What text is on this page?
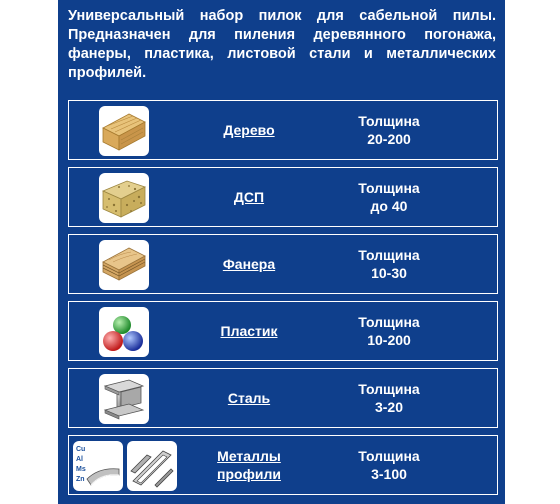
Универсальный набор пилок для сабельной пилы. Предназначен для пиления деревянного погонажа, фанеры, пластика, листовой стали и металлических профилей.

Дерево
Толщина
20-200
ДСП
Толщина
до 40
Фанера
Толщина
10-30
Пластик
Толщина
10-200
Сталь
Толщина
3-20
Cu
Al
Ms
Zn
Металлы
профили
Толщина
3-100
